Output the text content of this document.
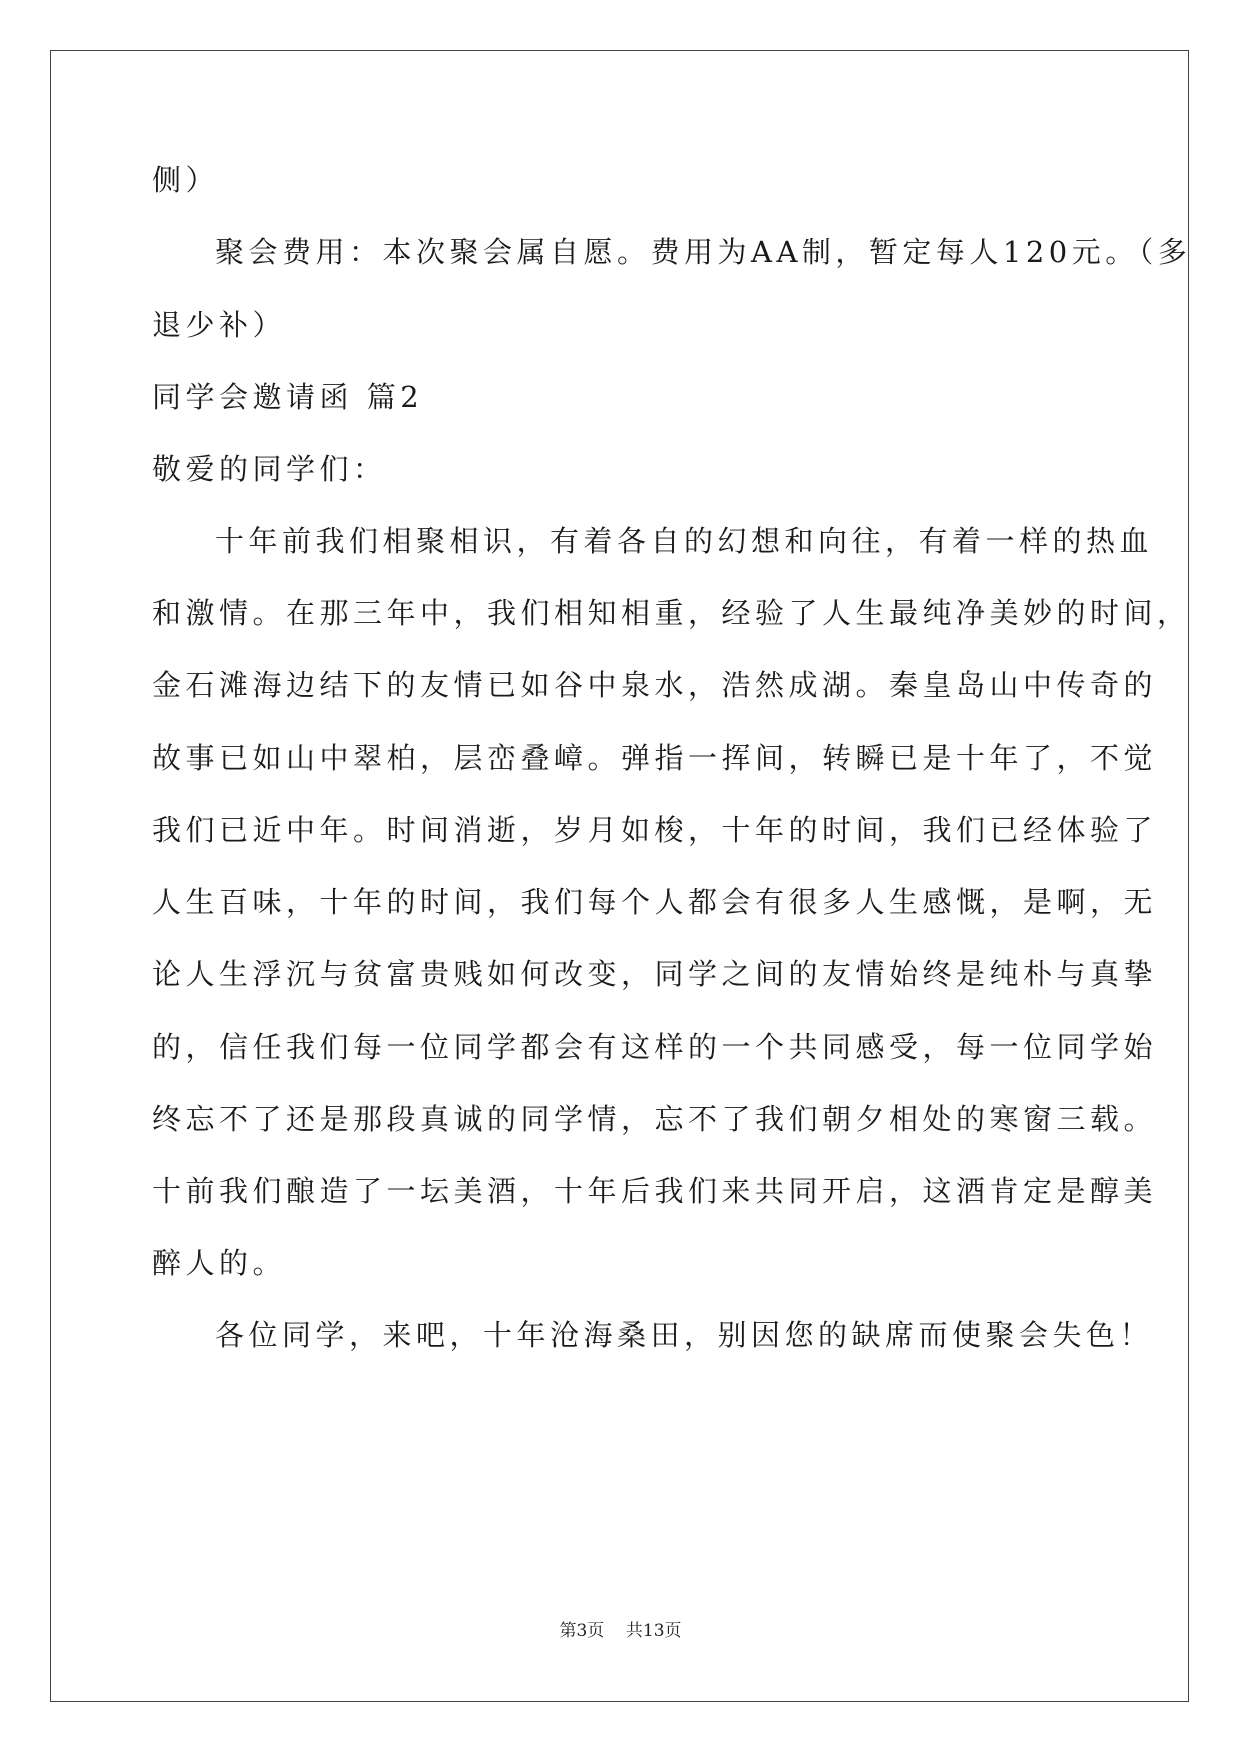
侧）
聚会费用：本次聚会属自愿。费用为AA制，暂定每人120元。（多
退少补）
同学会邀请函 篇2
敬爱的同学们：
十年前我们相聚相识，有着各自的幻想和向往，有着一样的热血
和激情。在那三年中，我们相知相重，经验了人生最纯净美妙的时间，
金石滩海边结下的友情已如谷中泉水，浩然成湖。秦皇岛山中传奇的
故事已如山中翠柏，层峦叠嶂。弹指一挥间，转瞬已是十年了，不觉
我们已近中年。时间消逝，岁月如梭，十年的时间，我们已经体验了
人生百味，十年的时间，我们每个人都会有很多人生感慨，是啊，无
论人生浮沉与贫富贵贱如何改变，同学之间的友情始终是纯朴与真挚
的，信任我们每一位同学都会有这样的一个共同感受，每一位同学始
终忘不了还是那段真诚的同学情，忘不了我们朝夕相处的寒窗三载。
十前我们酿造了一坛美酒，十年后我们来共同开启，这酒肯定是醇美
醉人的。
各位同学，来吧，十年沧海桑田，别因您的缺席而使聚会失色！
第3页 共13页
